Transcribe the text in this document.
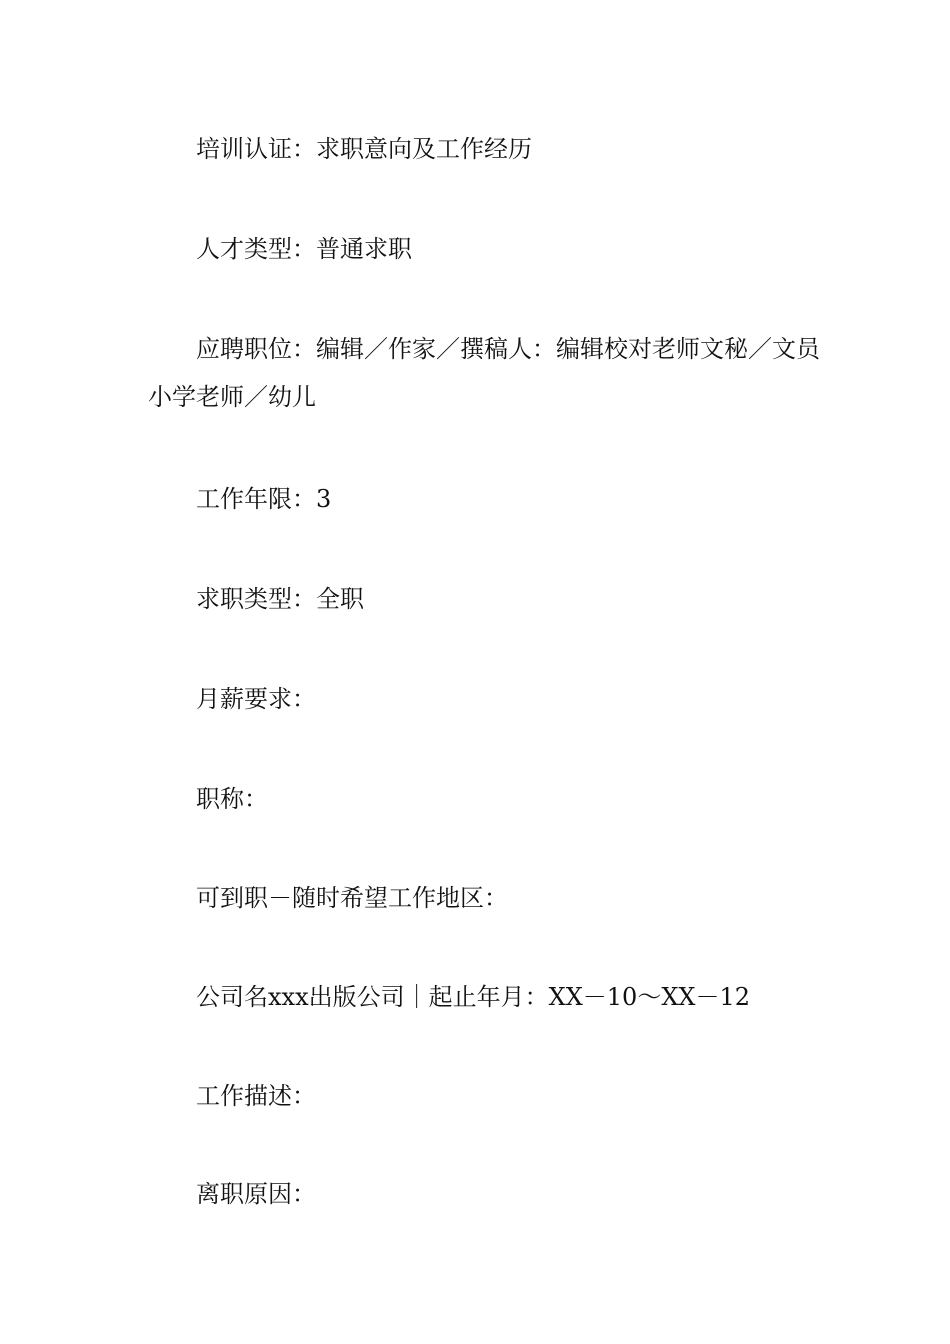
培训认证：求职意向及工作经历

人才类型：普通求职

应聘职位：编辑／作家／撰稿人：编辑校对老师文秘／文员小学老师／幼儿

工作年限：3

求职类型：全职

月薪要求：

职称：

可到职－随时希望工作地区：

公司名xxx出版公司｜起止年月：XX－10～XX－12

工作描述：

离职原因：
